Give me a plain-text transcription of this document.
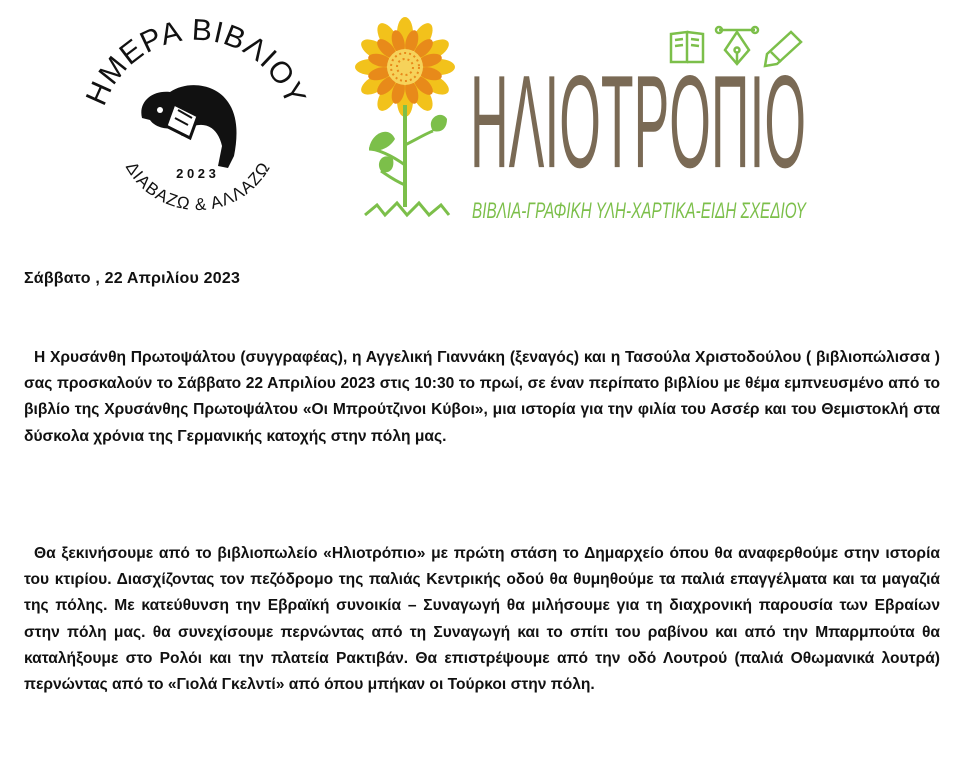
ΗΜΕΡΑ ΒΙΒΛΙΟΥ
2 0 2 3
ΔΙΑΒΑΖΩ & ΑΛΛΑΖΩ ΗΛΙΟΤΡΟΠΙΟ
ΒΙΒΛΙΑ-ΓΡΑΦΙΚΗ ΥΛΗ-ΧΑΡΤΙΚΑ-ΕΙΔΗ ΣΧΕΔΙΟΥ
Σάββατο , 22 Απριλίου 2023

Η Χρυσάνθη Πρωτοψάλτου (συγγραφέας), η Αγγελική Γιαννάκη (ξεναγός) και η Τασούλα Χριστοδούλου ( βιβλιοπώλισσα ) σας προσκαλούν το Σάββατο 22 Απριλίου 2023 στις 10:30 το πρωί, σε έναν περίπατο βιβλίου με θέμα εμπνευσμένο από το βιβλίο της Χρυσάνθης Πρωτοψάλτου «Οι Μπρούτζινοι Κύβοι», μια ιστορία για την φιλία του Ασσέρ και του Θεμιστοκλή στα δύσκολα χρόνια της Γερμανικής κατοχής στην πόλη μας.

Θα ξεκινήσουμε από το βιβλιοπωλείο «Ηλιοτρόπιο» με πρώτη στάση το Δημαρχείο όπου θα αναφερθούμε στην ιστορία του κτιρίου. Διασχίζοντας τον πεζόδρομο της παλιάς Κεντρικής οδού θα θυμηθούμε τα παλιά επαγγέλματα και τα μαγαζιά της πόλης. Με κατεύθυνση την Εβραϊκή συνοικία – Συναγωγή θα μιλήσουμε για τη διαχρονική παρουσία των Εβραίων στην πόλη μας. θα συνεχίσουμε περνώντας από τη Συναγωγή και το σπίτι του ραβίνου και από την Μπαρμπούτα θα καταλήξουμε στο Ρολόι και την πλατεία Ρακτιβάν. Θα επιστρέψουμε από την οδό Λουτρού (παλιά Οθωμανικά λουτρά) περνώντας από το «Γιολά Γκελντί» από όπου μπήκαν οι Τούρκοι στην πόλη.
